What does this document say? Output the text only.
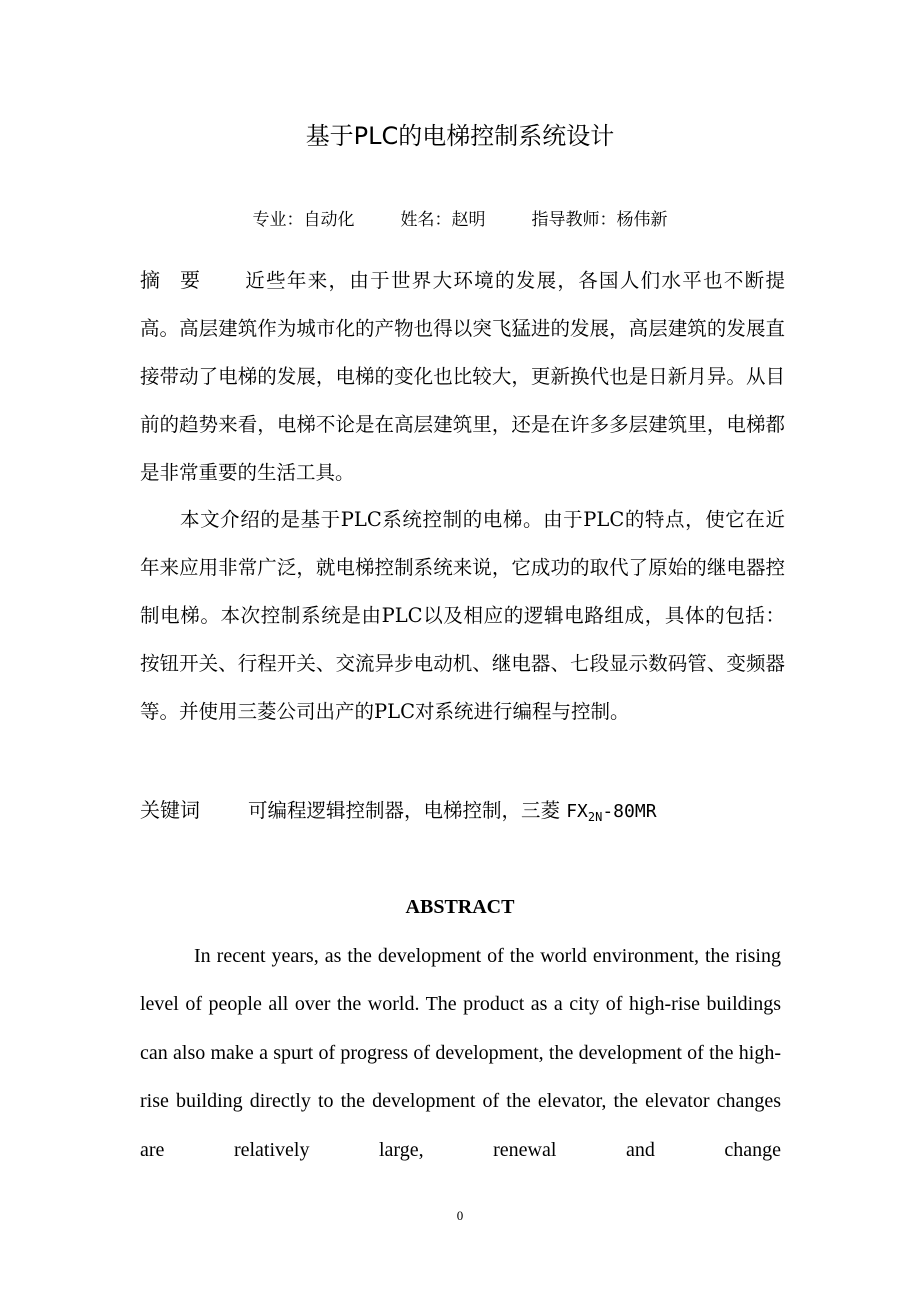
基于PLC的电梯控制系统设计
专业：自动化	姓名：赵明	指导教师：杨伟新
摘　要 近些年来，由于世界大环境的发展，各国人们水平也不断提高。高层建筑作为城市化的产物也得以突飞猛进的发展，高层建筑的发展直接带动了电梯的发展，电梯的变化也比较大，更新换代也是日新月异。从目前的趋势来看，电梯不论是在高层建筑里，还是在许多多层建筑里，电梯都是非常重要的生活工具。
本文介绍的是基于PLC系统控制的电梯。由于PLC的特点，使它在近年来应用非常广泛，就电梯控制系统来说，它成功的取代了原始的继电器控制电梯。本次控制系统是由PLC以及相应的逻辑电路组成，具体的包括：按钮开关、行程开关、交流异步电动机、继电器、七段显示数码管、变频器等。并使用三菱公司出产的PLC对系统进行编程与控制。
关键词 可编程逻辑控制器，电梯控制，三菱 $FX_{2N}-80MR$
ABSTRACT
In recent years, as the development of the world environment, the rising level of people all over the world. The product as a city of high-rise buildings can also make a spurt of progress of development, the development of the high-rise building directly to the development of the elevator, the elevator changes are relatively large, renewal and change
0
